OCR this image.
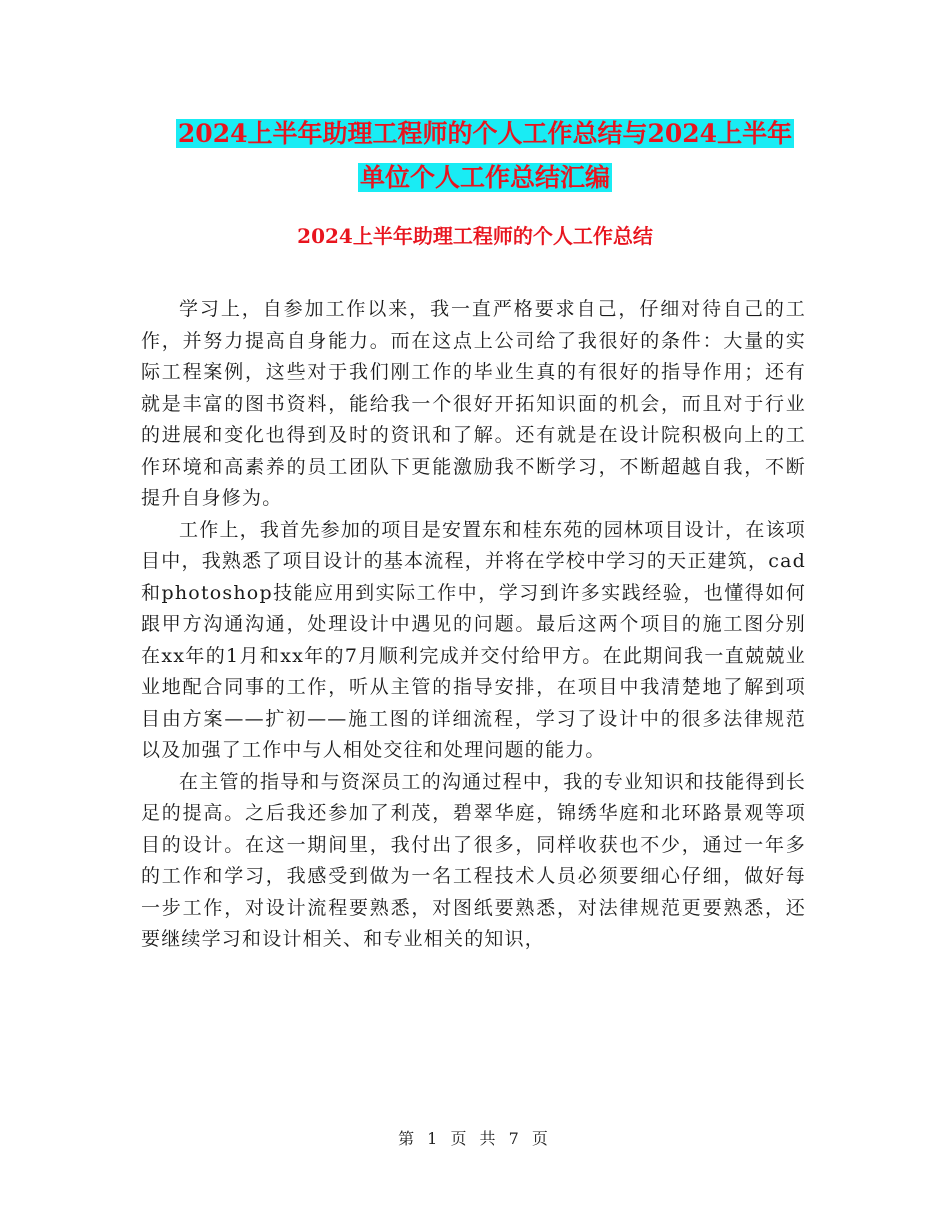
2024上半年助理工程师的个人工作总结与2024上半年
单位个人工作总结汇编
2024上半年助理工程师的个人工作总结

学习上，自参加工作以来，我一直严格要求自己，仔细对待自己的工作，并努力提高自身能力。而在这点上公司给了我很好的条件：大量的实际工程案例，这些对于我们刚工作的毕业生真的有很好的指导作用；还有就是丰富的图书资料，能给我一个很好开拓知识面的机会，而且对于行业的进展和变化也得到及时的资讯和了解。还有就是在设计院积极向上的工作环境和高素养的员工团队下更能激励我不断学习，不断超越自我，不断提升自身修为。

工作上，我首先参加的项目是安置东和桂东苑的园林项目设计，在该项目中，我熟悉了项目设计的基本流程，并将在学校中学习的天正建筑，cad和photoshop技能应用到实际工作中，学习到许多实践经验，也懂得如何跟甲方沟通沟通，处理设计中遇见的问题。最后这两个项目的施工图分别在xx年的1月和xx年的7月顺利完成并交付给甲方。在此期间我一直兢兢业业地配合同事的工作，听从主管的指导安排，在项目中我清楚地了解到项目由方案——扩初——施工图的详细流程，学习了设计中的很多法律规范以及加强了工作中与人相处交往和处理问题的能力。

在主管的指导和与资深员工的沟通过程中，我的专业知识和技能得到长足的提高。之后我还参加了利茂，碧翠华庭，锦绣华庭和北环路景观等项目的设计。在这一期间里，我付出了很多，同样收获也不少，通过一年多的工作和学习，我感受到做为一名工程技术人员必须要细心仔细，做好每一步工作，对设计流程要熟悉，对图纸要熟悉，对法律规范更要熟悉，还要继续学习和设计相关、和专业相关的知识，

第 1 页 共 7 页
